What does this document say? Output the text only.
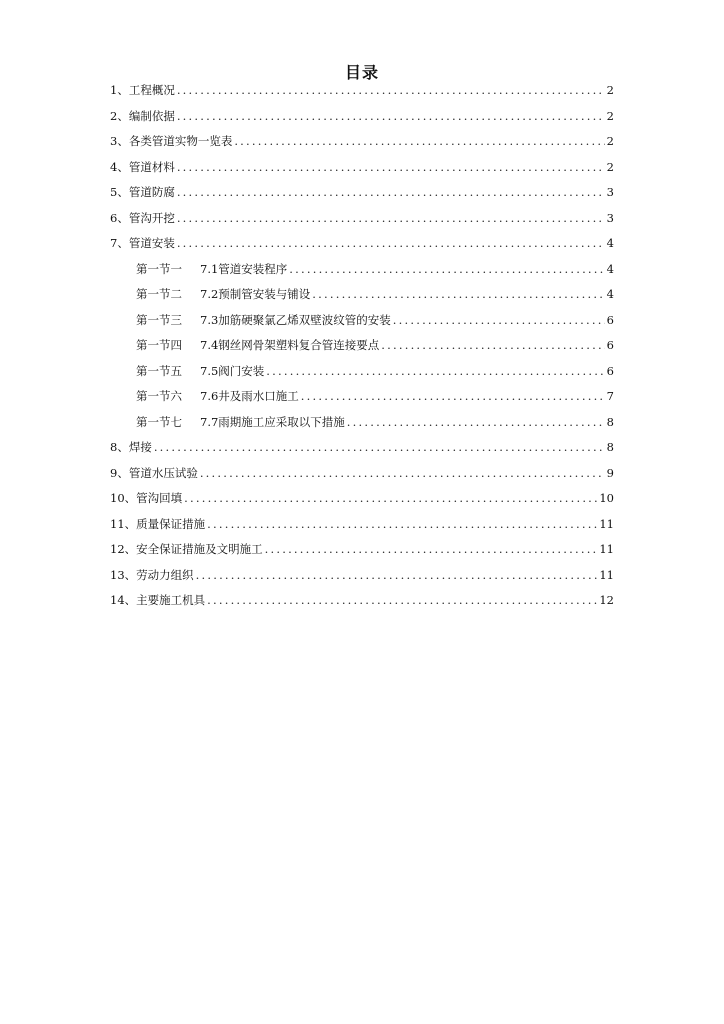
目录
1、工程概况 .....	2
2、编制依据 .....	2
3、各类管道实物一览表 .....	2
4、管道材料 .....	2
5、管道防腐 .....	3
6、管沟开挖 .....	3
7、管道安装 .....	4
第一节一 7.1管道安装程序 .....	4
第一节二 7.2预制管安装与铺设 .....	4
第一节三 7.3加筋硬聚氯乙烯双壁波纹管的安装 .....	6
第一节四 7.4钢丝网骨架塑料复合管连接要点 .....	6
第一节五 7.5阀门安装 .....	6
第一节六 7.6井及雨水口施工 .....	7
第一节七 7.7雨期施工应采取以下措施 .....	8
8、焊接 .....	8
9、管道水压试验 .....	9
10、管沟回填 .....	10
11、质量保证措施 .....	11
12、安全保证措施及文明施工 .....	11
13、劳动力组织 .....	11
14、主要施工机具 .....	12
